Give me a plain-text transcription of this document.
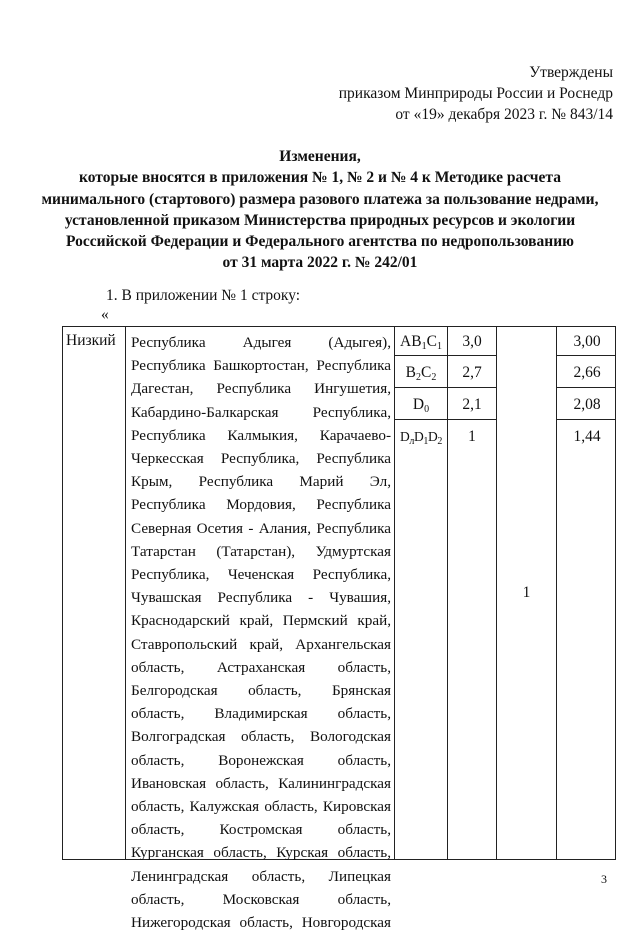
Утверждены
приказом Минприроды России и Роснедр
от «19» декабря 2023 г. № 843/14
Изменения,
которые вносятся в приложения № 1, № 2 и № 4 к Методике расчета
минимального (стартового) размера разового платежа за пользование недрами,
установленной приказом Министерства природных ресурсов и экологии
Российской Федерации и Федерального агентства по недропользованию
от 31 марта 2022 г. № 242/01
1. В приложении № 1 строку:
«
Низкий Республика Адыгея (Адыгея),
Республика Башкортостан, Республика
Дагестан, Республика Ингушетия,
Кабардино-Балкарская Республика,
Республика Калмыкия, Карачаево-
Черкесская Республика, Республика
Крым, Республика Марий Эл,
Республика Мордовия, Республика
Северная Осетия - Алания, Республика
Татарстан (Татарстан), Удмуртская
Республика, Чеченская Республика,
Чувашская Республика - Чувашия,
Краснодарский край, Пермский край,
Ставропольский край, Архангельская
область, Астраханская область,
Белгородская область, Брянская
область, Владимирская область,
Волгоградская область, Вологодская
область, Воронежская область,
Ивановская область, Калининградская
область, Калужская область, Кировская
область, Костромская область,
Курганская область, Курская область,
Ленинградская область, Липецкая
область, Московская область,
Нижегородская область, Новгородская

$AB_1C_1$
$B_2C_2$
$D_0$
$D_лD_1D_2$
3,0
2,7
2,1
1
1
3,00
2,66
2,08
1,44
3
